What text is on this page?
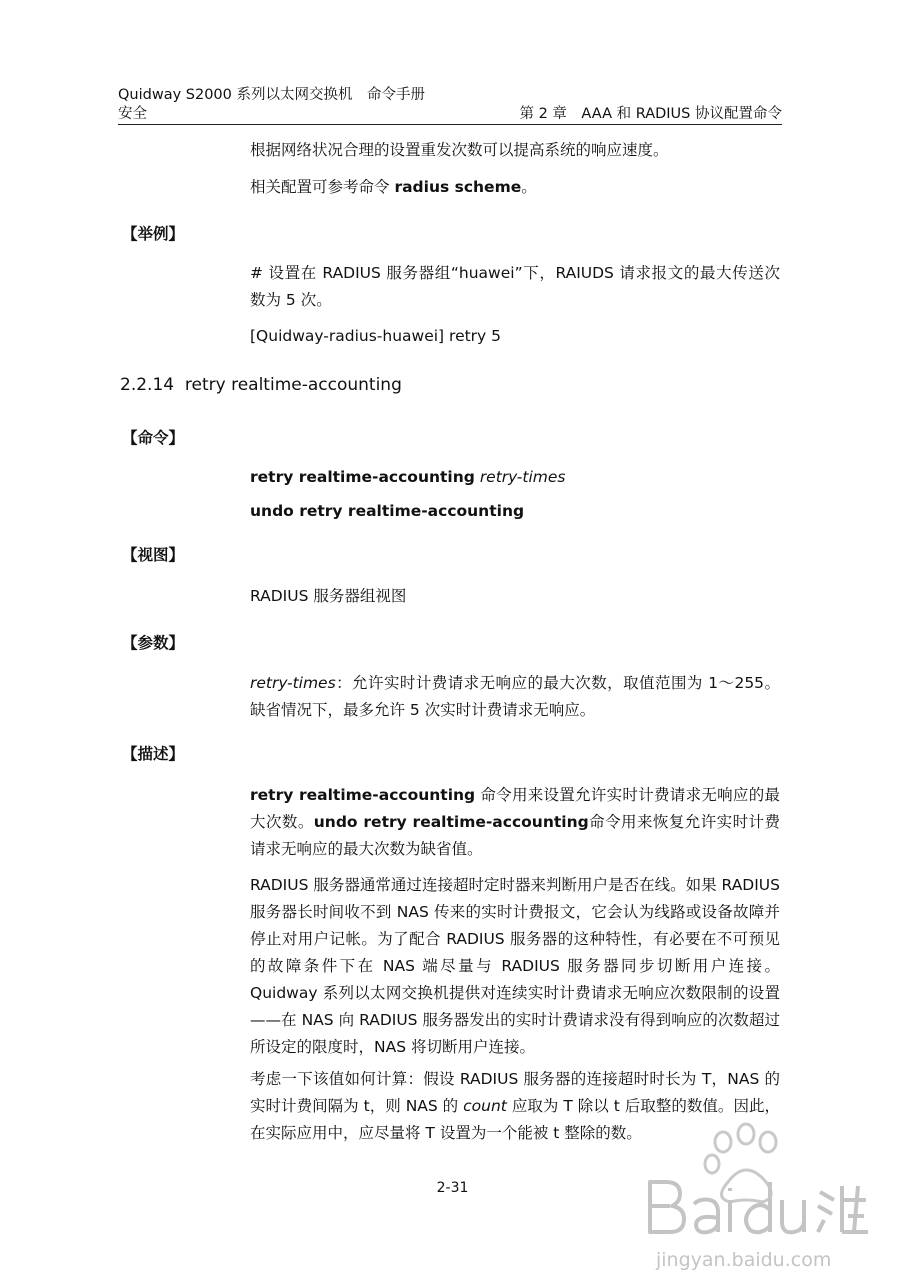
Quidway S2000 系列以太网交换机　命令手册
安全	第 2 章　AAA 和 RADIUS 协议配置命令
根据网络状况合理的设置重发次数可以提高系统的响应速度。
相关配置可参考命令 radius scheme。
【举例】
# 设置在 RADIUS 服务器组“huawei”下，RAIUDS 请求报文的最大传送次数为 5 次。
[Quidway-radius-huawei] retry 5
2.2.14 retry realtime-accounting
【命令】
retry realtime-accounting retry-times
undo retry realtime-accounting
【视图】
RADIUS 服务器组视图
【参数】
retry-times：允许实时计费请求无响应的最大次数，取值范围为 1～255。缺省情况下，最多允许 5 次实时计费请求无响应。
【描述】
retry realtime-accounting 命令用来设置允许实时计费请求无响应的最大次数。undo retry realtime-accounting命令用来恢复允许实时计费请求无响应的最大次数为缺省值。
RADIUS 服务器通常通过连接超时定时器来判断用户是否在线。如果 RADIUS 服务器长时间收不到 NAS 传来的实时计费报文，它会认为线路或设备故障并停止对用户记帐。为了配合 RADIUS 服务器的这种特性，有必要在不可预见的故障条件下在 NAS 端尽量与 RADIUS 服务器同步切断用户连接。Quidway 系列以太网交换机提供对连续实时计费请求无响应次数限制的设置——在 NAS 向 RADIUS 服务器发出的实时计费请求没有得到响应的次数超过所设定的限度时，NAS 将切断用户连接。
考虑一下该值如何计算：假设 RADIUS 服务器的连接超时时长为 T，NAS 的实时计费间隔为 t，则 NAS 的 count 应取为 T 除以 t 后取整的数值。因此，在实际应用中，应尽量将 T 设置为一个能被 t 整除的数。
2-31
jingyan.baidu.com
